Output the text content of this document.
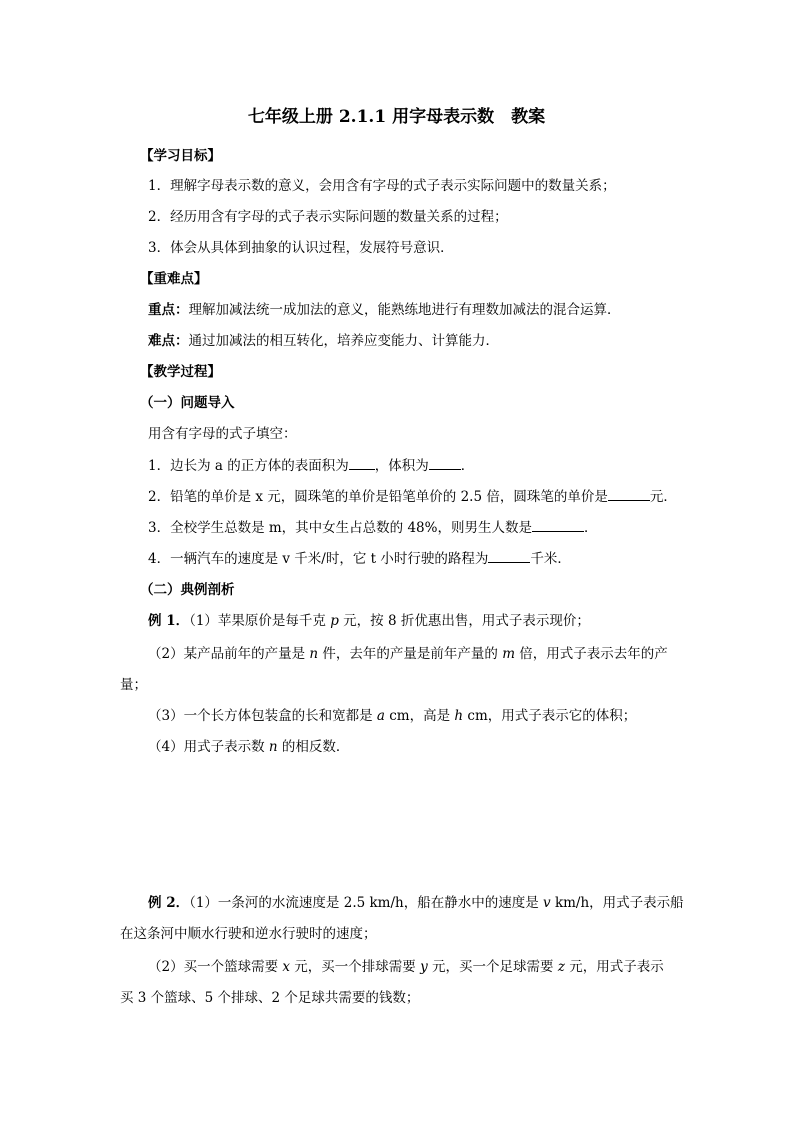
七年级上册 2.1.1 用字母表示数　教案
【学习目标】
1．理解字母表示数的意义，会用含有字母的式子表示实际问题中的数量关系；
2．经历用含有字母的式子表示实际问题的数量关系的过程；
3．体会从具体到抽象的认识过程，发展符号意识．
【重难点】
重点：理解加减法统一成加法的意义，能熟练地进行有理数加减法的混合运算．
难点：通过加减法的相互转化，培养应变能力、计算能力．
【教学过程】
（一）问题导入
用含有字母的式子填空：
1．边长为 a 的正方体的表面积为 ，体积为 ．
2．铅笔的单价是 x 元，圆珠笔的单价是铅笔单价的 2.5 倍，圆珠笔的单价是	元．
3．全校学生总数是 m，其中女生占总数的 48%，则男生人数是	．
4．一辆汽车的速度是 v 千米/时，它 t 小时行驶的路程为	千米．
（二）典例剖析
例 1．（1）苹果原价是每千克 p 元，按 8 折优惠出售，用式子表示现价；
（2）某产品前年的产量是 n 件，去年的产量是前年产量的 m 倍，用式子表示去年的产
量；
（3）一个长方体包装盒的长和宽都是 a cm，高是 h cm，用式子表示它的体积；
（4）用式子表示数 n 的相反数．
例 2．（1）一条河的水流速度是 2.5 km/h，船在静水中的速度是 v km/h，用式子表示船
在这条河中顺水行驶和逆水行驶时的速度；
（2）买一个篮球需要 x 元，买一个排球需要 y 元，买一个足球需要 z 元，用式子表示
买 3 个篮球、5 个排球、2 个足球共需要的钱数；
